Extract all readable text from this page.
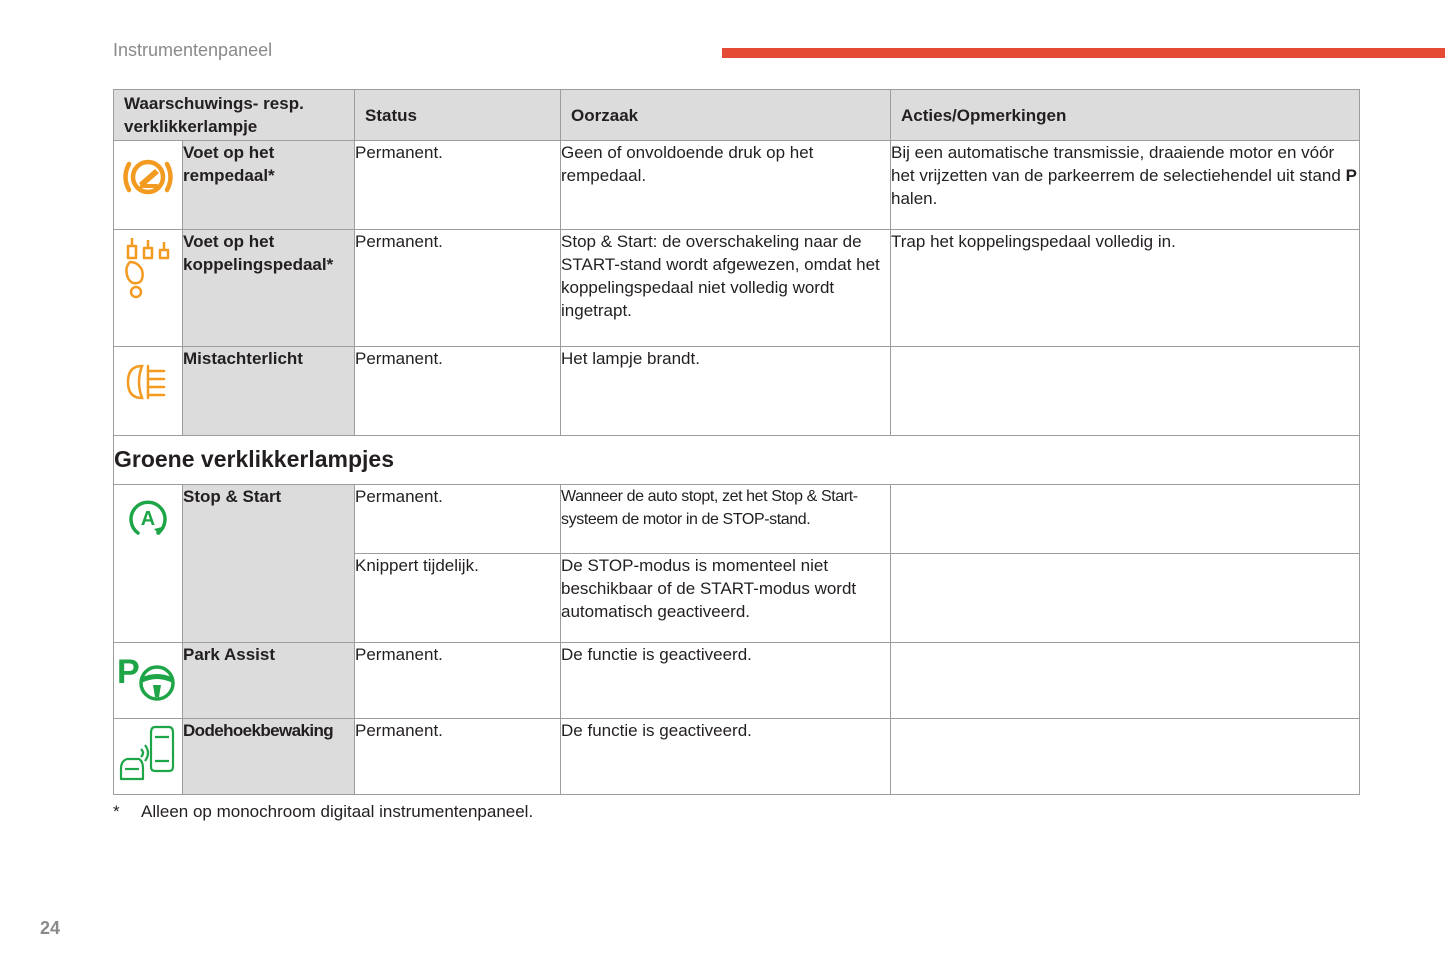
Instrumentenpaneel
Waarschuwings- resp. verklikkerlampje		Status	Oorzaak	Acties/Opmerkingen

	Voet op het rempedaal*	Permanent.	Geen of onvoldoende druk op het rempedaal.	Bij een automatische transmissie, draaiende motor en vóór het vrijzetten van de parkeerrem de selectiehendel uit stand P halen.

	Voet op het koppelingspedaal*	Permanent.	Stop & Start: de overschakeling naar de START-stand wordt afgewezen, omdat het koppelingspedaal niet volledig wordt ingetrapt.	Trap het koppelingspedaal volledig in.

	Mistachterlicht	Permanent.	Het lampje brandt.	
Groene verklikkerlampjes				

A	Stop & Start	Permanent.	Wanneer de auto stopt, zet het Stop & Start-systeem de motor in de STOP-stand.	
		Knippert tijdelijk.	De STOP-modus is momenteel niet beschikbaar of de START-modus wordt automatisch geactiveerd.	

P	Park Assist	Permanent.	De functie is geactiveerd.	

	Dodehoekbewaking	Permanent.	De functie is geactiveerd.	
* Alleen op monochroom digitaal instrumentenpaneel.
24
